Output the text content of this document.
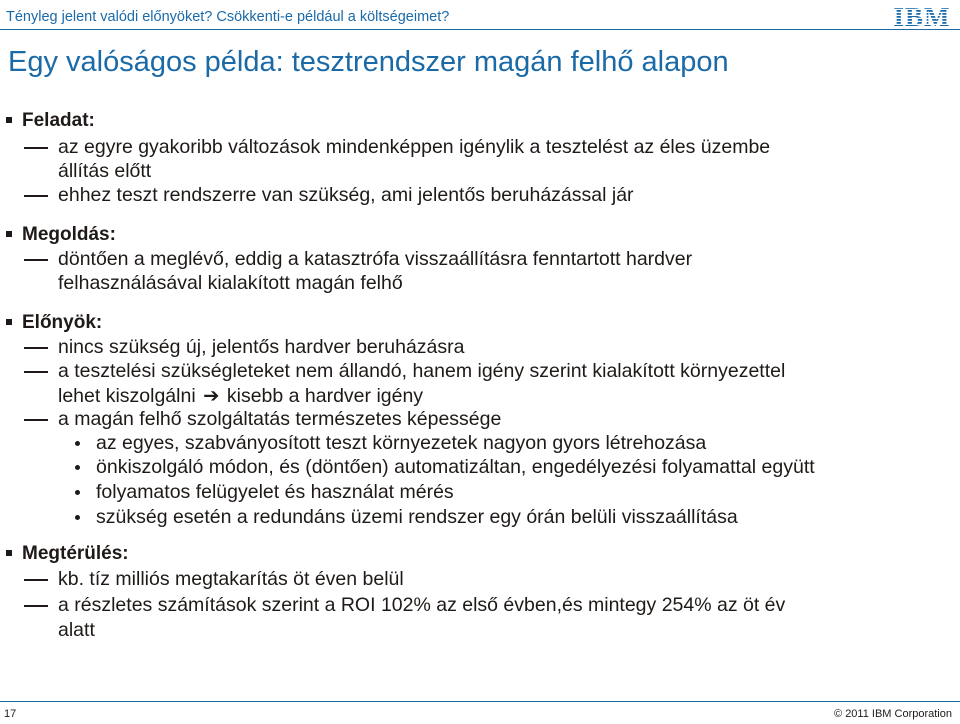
Tényleg jelent valódi előnyöket? Csökkenti-e például a költségeimet?
Egy valóságos példa: tesztrendszer magán felhő alapon
Feladat:
az egyre gyakoribb változások mindenképpen igénylik a tesztelést az éles üzembe
állítás előtt
ehhez teszt rendszerre van szükség, ami jelentős beruházással jár
Megoldás:
döntően a meglévő, eddig a katasztrófa visszaállításra fenntartott hardver
felhasználásával kialakított magán felhő
Előnyök:
nincs szükség új, jelentős hardver beruházásra
a tesztelési szükségleteket nem állandó, hanem igény szerint kialakított környezettel
lehet kiszolgálni ➔ kisebb a hardver igény
a magán felhő szolgáltatás természetes képessége
az egyes, szabványosított teszt környezetek nagyon gyors létrehozása
önkiszolgáló módon, és (döntően) automatizáltan, engedélyezési folyamattal együtt
folyamatos felügyelet és használat mérés
szükség esetén a redundáns üzemi rendszer egy órán belüli visszaállítása
Megtérülés:
kb. tíz milliós megtakarítás öt éven belül
a részletes számítások szerint a ROI 102% az első évben,és mintegy 254% az öt év
alatt
17	© 2011 IBM Corporation
